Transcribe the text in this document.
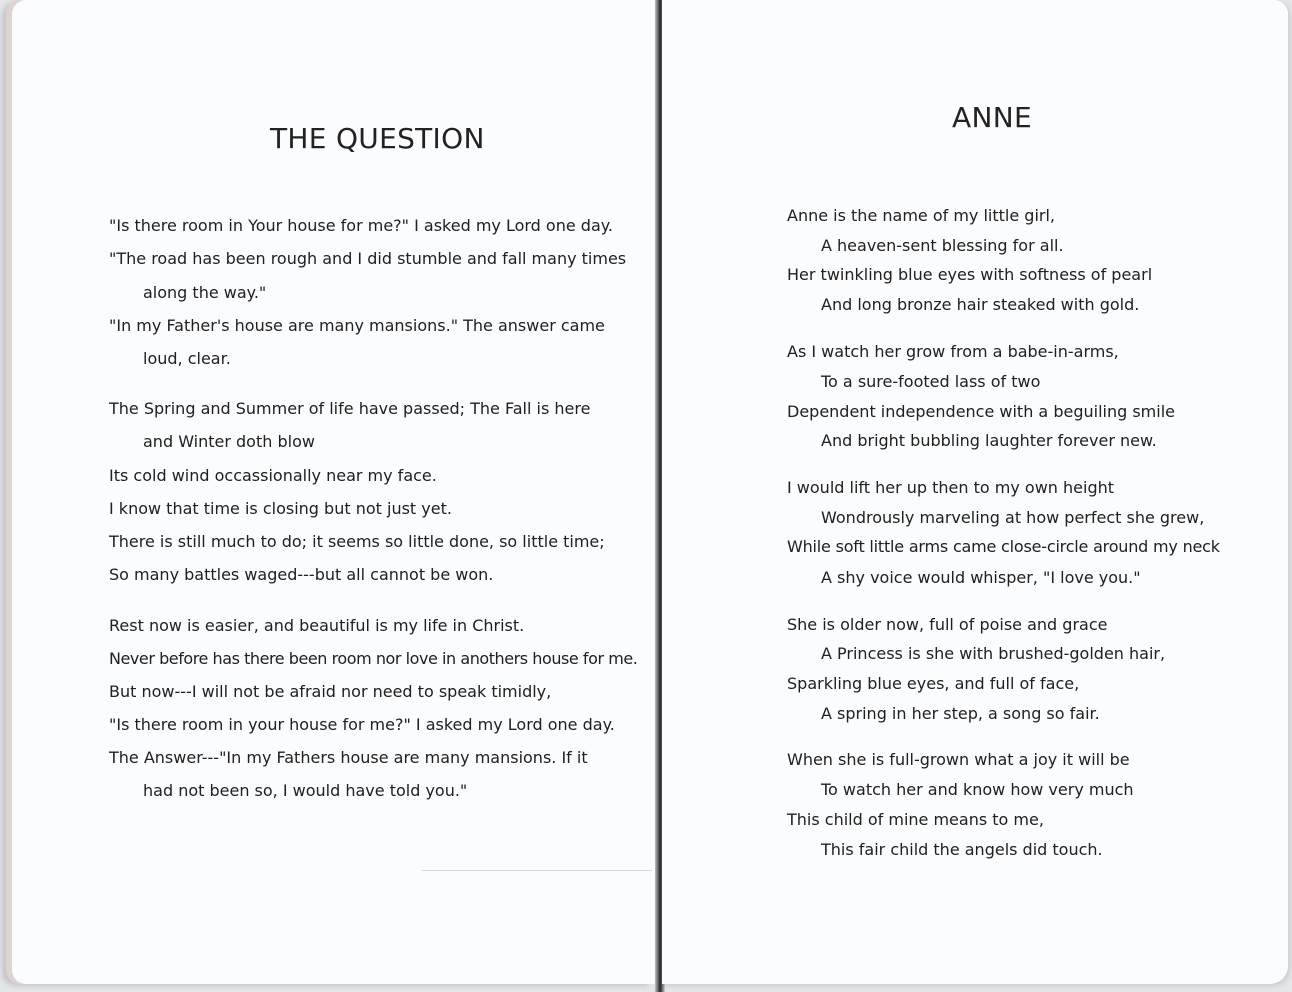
THE QUESTION
"Is there room in Your house for me?" I asked my Lord one day.
"The road has been rough and I did stumble and fall many times
along the way."
"In my Father's house are many mansions." The answer came
loud, clear.
The Spring and Summer of life have passed; The Fall is here
and Winter doth blow
Its cold wind occassionally near my face.
I know that time is closing but not just yet.
There is still much to do; it seems so little done, so little time;
So many battles waged---but all cannot be won.
Rest now is easier, and beautiful is my life in Christ.
Never before has there been room nor love in anothers house for me.
But now---I will not be afraid nor need to speak timidly,
"Is there room in your house for me?" I asked my Lord one day.
The Answer---"In my Fathers house are many mansions. If it
had not been so, I would have told you."
ANNE
Anne is the name of my little girl,
A heaven-sent blessing for all.
Her twinkling blue eyes with softness of pearl
And long bronze hair steaked with gold.
As I watch her grow from a babe-in-arms,
To a sure-footed lass of two
Dependent independence with a beguiling smile
And bright bubbling laughter forever new.
I would lift her up then to my own height
Wondrously marveling at how perfect she grew,
While soft little arms came close-circle around my neck
A shy voice would whisper, "I love you."
She is older now, full of poise and grace
A Princess is she with brushed-golden hair,
Sparkling blue eyes, and full of face,
A spring in her step, a song so fair.
When she is full-grown what a joy it will be
To watch her and know how very much
This child of mine means to me,
This fair child the angels did touch.
